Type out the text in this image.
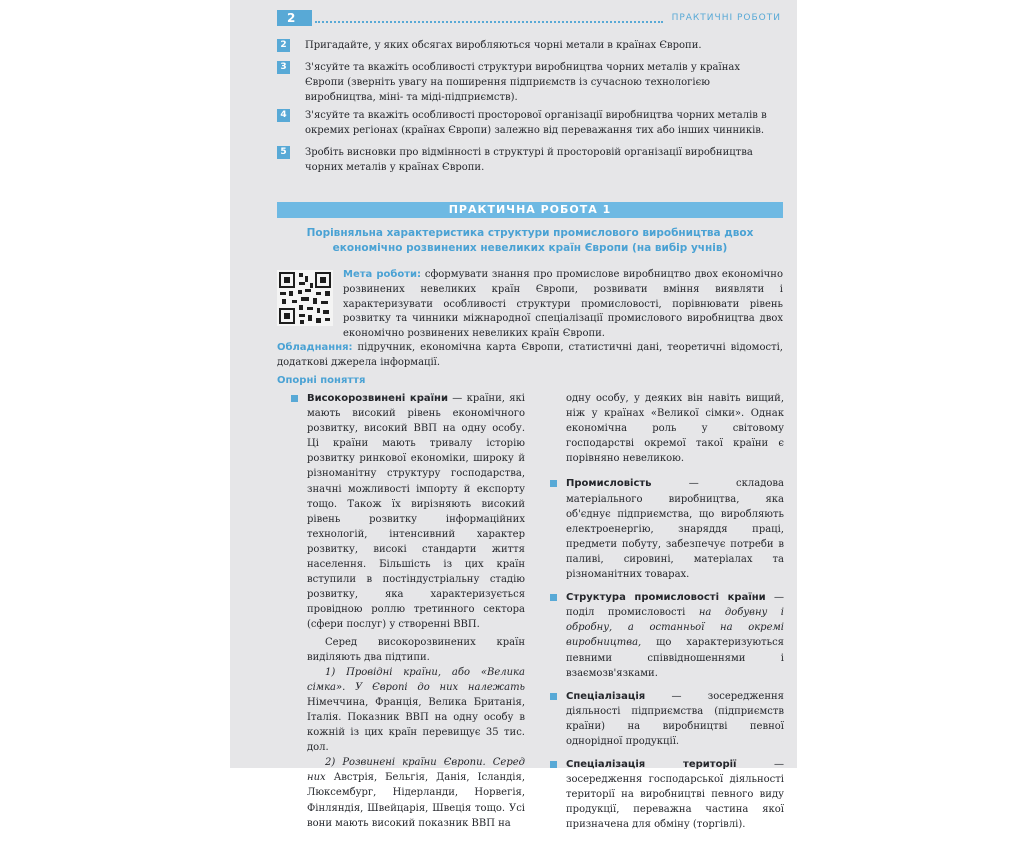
2	ПРАКТИЧНІ РОБОТИ
2	Пригадайте, у яких обсягах виробляються чорні метали в країнах Європи.
3	З'ясуйте та вкажіть особливості структури виробництва чорних металів у країнах Європи (зверніть увагу на поширення підприємств із сучасною технологією виробництва, міні- та міді-підприємств).
4	З'ясуйте та вкажіть особливості просторової організації виробництва чорних металів в окремих регіонах (країнах Європи) залежно від переважання тих або інших чинників.
5	Зробіть висновки про відмінності в структурі й просторовій організації виробництва чорних металів у країнах Європи.
ПРАКТИЧНА РОБОТА 1
Порівняльна характеристика структури промислового виробництва двох економічно розвинених невеликих країн Європи (на вибір учнів)
Мета роботи: сформувати знання про промислове виробництво двох економічно розвинених невеликих країн Європи, розвивати вміння виявляти і характеризувати особливості структури промисловості, порівнювати рівень розвитку та чинники міжнародної спеціалізації промислового виробництва двох економічно розвинених невеликих країн Європи.
Обладнання: підручник, економічна карта Європи, статистичні дані, теоретичні відомості, додаткові джерела інформації.
Опорні поняття

Високорозвинені країни — країни, які мають високий рівень економічного розвитку, високий ВВП на одну особу. Ці країни мають тривалу історію розвитку ринкової економіки, широку й різноманітну структуру господарства, значні можливості імпорту й експорту тощо. Також їх вирізняють високий рівень розвитку інформаційних технологій, інтенсивний характер розвитку, високі стандарти життя населення. Більшість із цих країн вступили в постіндустріальну стадію розвитку, яка характеризується провідною роллю третинного сектора (сфери послуг) у створенні ВВП.

Серед високорозвинених країн виділяють два підтипи.

1) Провідні країни, або «Велика сімка». У Європі до них належать Німеччина, Франція, Велика Британія, Італія. Показник ВВП на одну особу в кожній із цих країн перевищує 35 тис. дол.

2) Розвинені країни Європи. Серед них Австрія, Бельгія, Данія, Ісландія, Люксембург, Нідерланди, Норвегія, Фінляндія, Швейцарія, Швеція тощо. Усі вони мають високий показник ВВП на

одну особу, у деяких він навіть вищий, ніж у країнах «Великої сімки». Однак економічна роль у світовому господарстві окремої такої країни є порівняно невеликою.

Промисловість	— складова матеріального виробництва, яка об'єднує підприємства, що виробляють електроенергію, знаряддя праці, предмети побуту, забезпечує потреби в паливі, сировині, матеріалах та різноманітних товарах.

Структура промисловості країни — поділ промисловості на добувну і обробну, а останньої на окремі виробництва, що характеризуються певними співвідношеннями і взаємозв'язками.

Спеціалізація	— зосередження діяльності підприємства (підприємств країни) на виробництві певної однорідної продукції.

Спеціалізація території	— зосередження господарської діяльності території на виробництві певного виду продукції, переважна частина якої призначена для обміну (торгівлі).
